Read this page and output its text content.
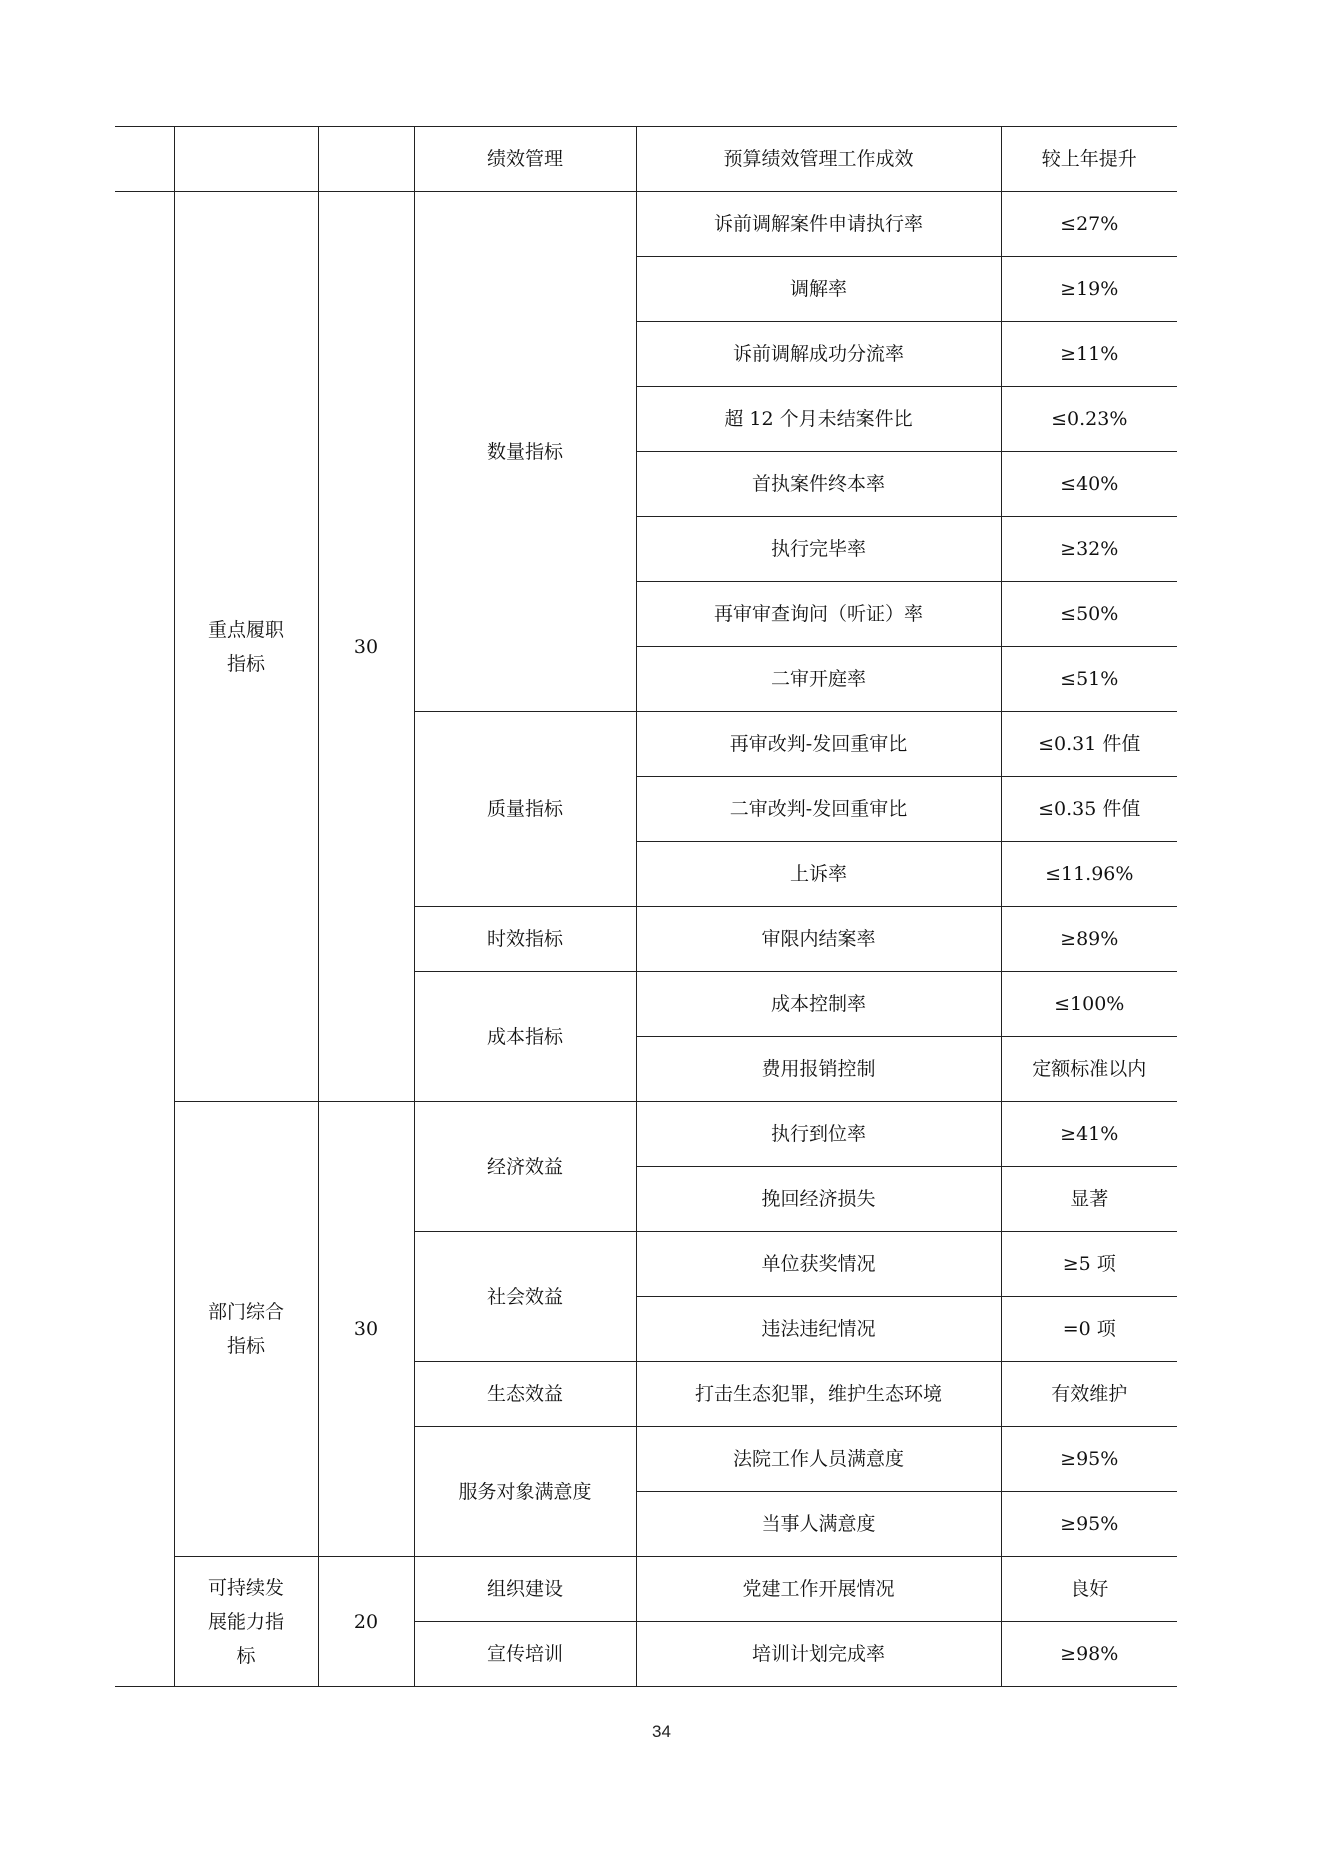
			绩效管理	预算绩效管理工作成效	较上年提升
	重点履职指标	30	数量指标	诉前调解案件申请执行率	≤27%
				调解率	≥19%
				诉前调解成功分流率	≥11%
				超 12 个月未结案件比	≤0.23%
				首执案件终本率	≤40%
				执行完毕率	≥32%
				再审审查询问（听证）率	≤50%
				二审开庭率	≤51%
			质量指标	再审改判-发回重审比	≤0.31 件值
				二审改判-发回重审比	≤0.35 件值
				上诉率	≤11.96%
			时效指标	审限内结案率	≥89%
			成本指标	成本控制率	≤100%
				费用报销控制	定额标准以内
	部门综合指标	30	经济效益	执行到位率	≥41%
				挽回经济损失	显著
			社会效益	单位获奖情况	≥5 项
				违法违纪情况	=0 项
			生态效益	打击生态犯罪，维护生态环境	有效维护
			服务对象满意度	法院工作人员满意度	≥95%
				当事人满意度	≥95%
	可持续发展能力指标	20	组织建设	党建工作开展情况	良好
			宣传培训	培训计划完成率	≥98%
34
